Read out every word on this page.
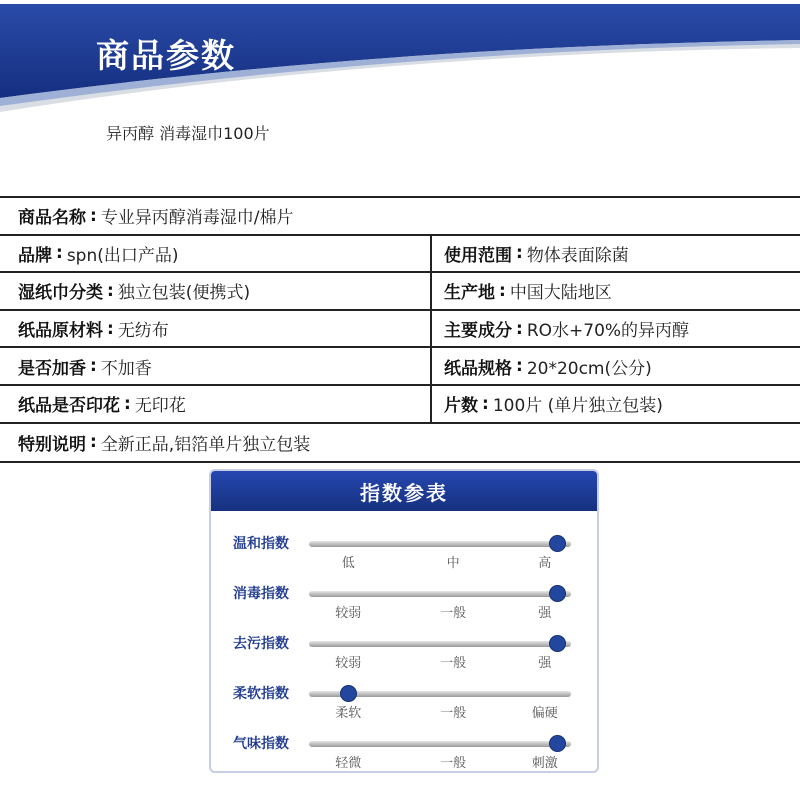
商品参数
异丙醇 消毒湿巾100片
商品名称 : 专业异丙醇消毒湿巾/棉片
品牌 : spn(出口产品)	使用范围 : 物体表面除菌
湿纸巾分类 : 独立包装(便携式)	生产地 : 中国大陆地区
纸品原材料 : 无纺布	主要成分 : RO水+70%的异丙醇
是否加香 : 不加香	纸品规格 : 20*20cm(公分)
纸品是否印花 : 无印花	片数 : 100片 (单片独立包装)
特别说明 : 全新正品,铝箔单片独立包装
指数参表
温和指数
低	中	高
消毒指数
较弱	一般	强
去污指数
较弱	一般	强
柔软指数
柔软	一般	偏硬
气味指数
轻微	一般	刺激
